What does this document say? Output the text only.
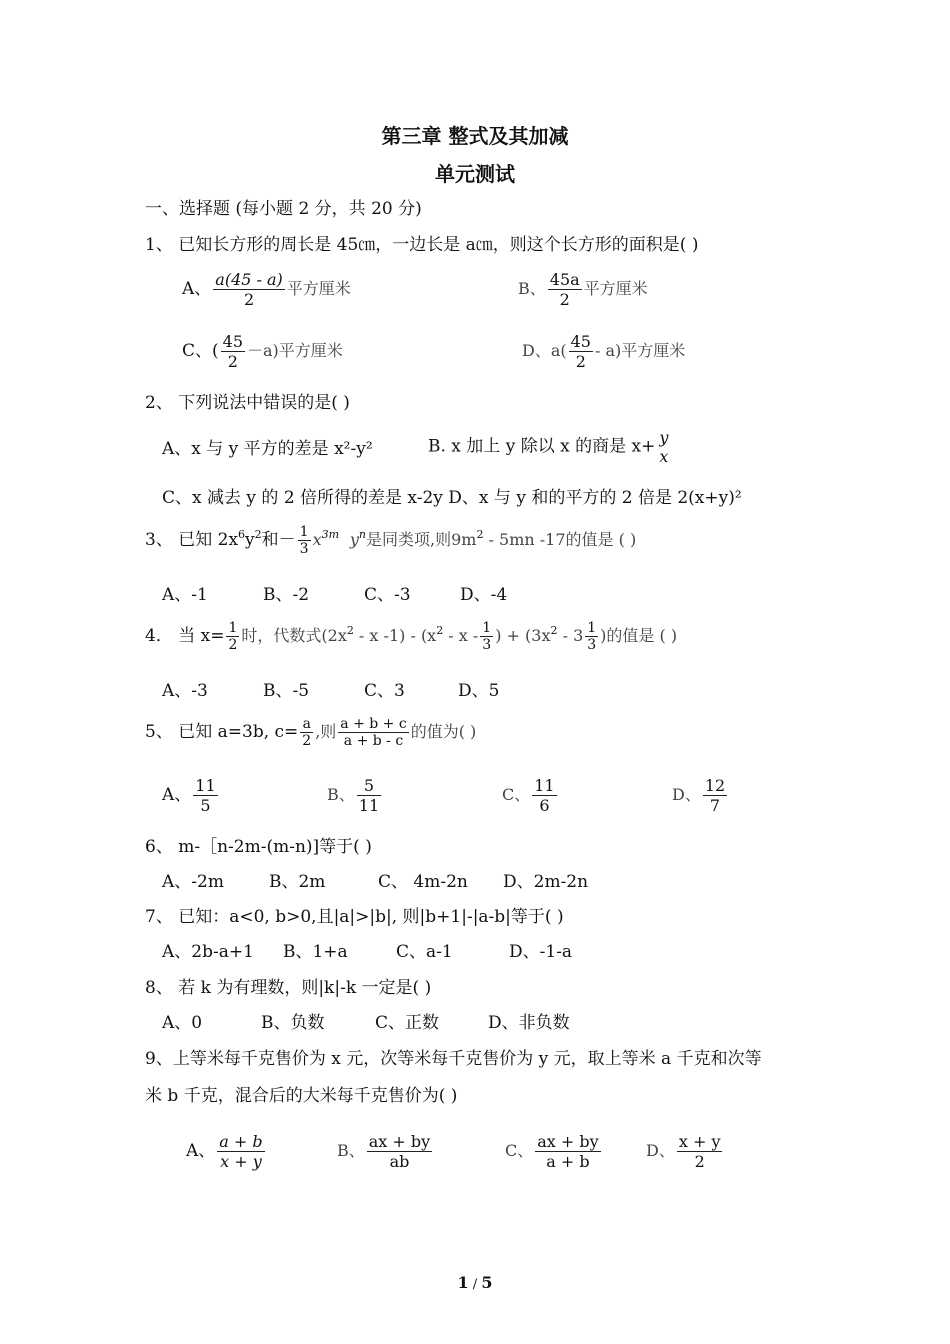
第三章 整式及其加减
单元测试
一、选择题 (每小题 2 分，共 20 分)
1、 已知长方形的周长是 45㎝，一边长是 a㎝，则这个长方形的面积是( )
A、 $\frac{a(45 - a)}{2}$ 平方厘米	B、 $\frac{45a}{2}$ 平方厘米
C、( $\frac{45}{2} -a$)平方厘米	D、$a( \frac{45}{2} - a)$平方厘米
2、 下列说法中错误的是( )
A、x 与 y 平方的差是 x²-y²	B. x 加上 y 除以 x 的商是 x+ y
x
C、x 减去 y 的 2 倍所得的差是 x-2y D、x 与 y 和的平方的 2 倍是 2(x+y)²
3、 已知 $2x^6y^2$和－ $\frac{1}{3} x^{3m}$ $y^n$是同类项,则$9m^2 - 5mn$ -17的值是 ( )
A、-1	B、-2	C、-3	D、-4
4． 当 $x= \frac{1}{2}$ 时，代数式($2x^2$ - x $-1) - (x^2$ - x - $\frac{1}{3}$ ) + ($3x^2 - 3 \frac{1}{3}$ )的值是 ( )
A、-3	B、-5	C、3	D、5
5、 已知 a=3b, $c= \frac{a}{2}$ ,则 $\frac{a + b + c}{a + b - c}$ 的值为( )
A、 $\frac{11}{5}$	B、 $\frac{5}{11}$	C、 $\frac{11}{6}$	D、 $\frac{12}{7}$
6、 m-［n-2m-(m-n)]等于( )
A、-2m	B、2m	C、 4m-2n D、2m-2n
7、 已知：a<0, b>0,且|a|>|b|, 则|b+1|-|a-b|等于( )
A、2b-a+1 B、1+a	C、a-1	D、-1-a
8、 若 k 为有理数，则|k|-k 一定是( )
A、0	B、负数	C、正数	D、非负数
9、上等米每千克售价为 x 元，次等米每千克售价为 y 元，取上等米 a 千克和次等
米 b 千克，混合后的大米每千克售价为( )
A、 $\frac{a + b}{x + y}$	B、 $\frac{ax + by}{ab}$	C、 $\frac{ax + by}{a + b}$	D、 $\frac{x + y}{2}$
1 / 5
